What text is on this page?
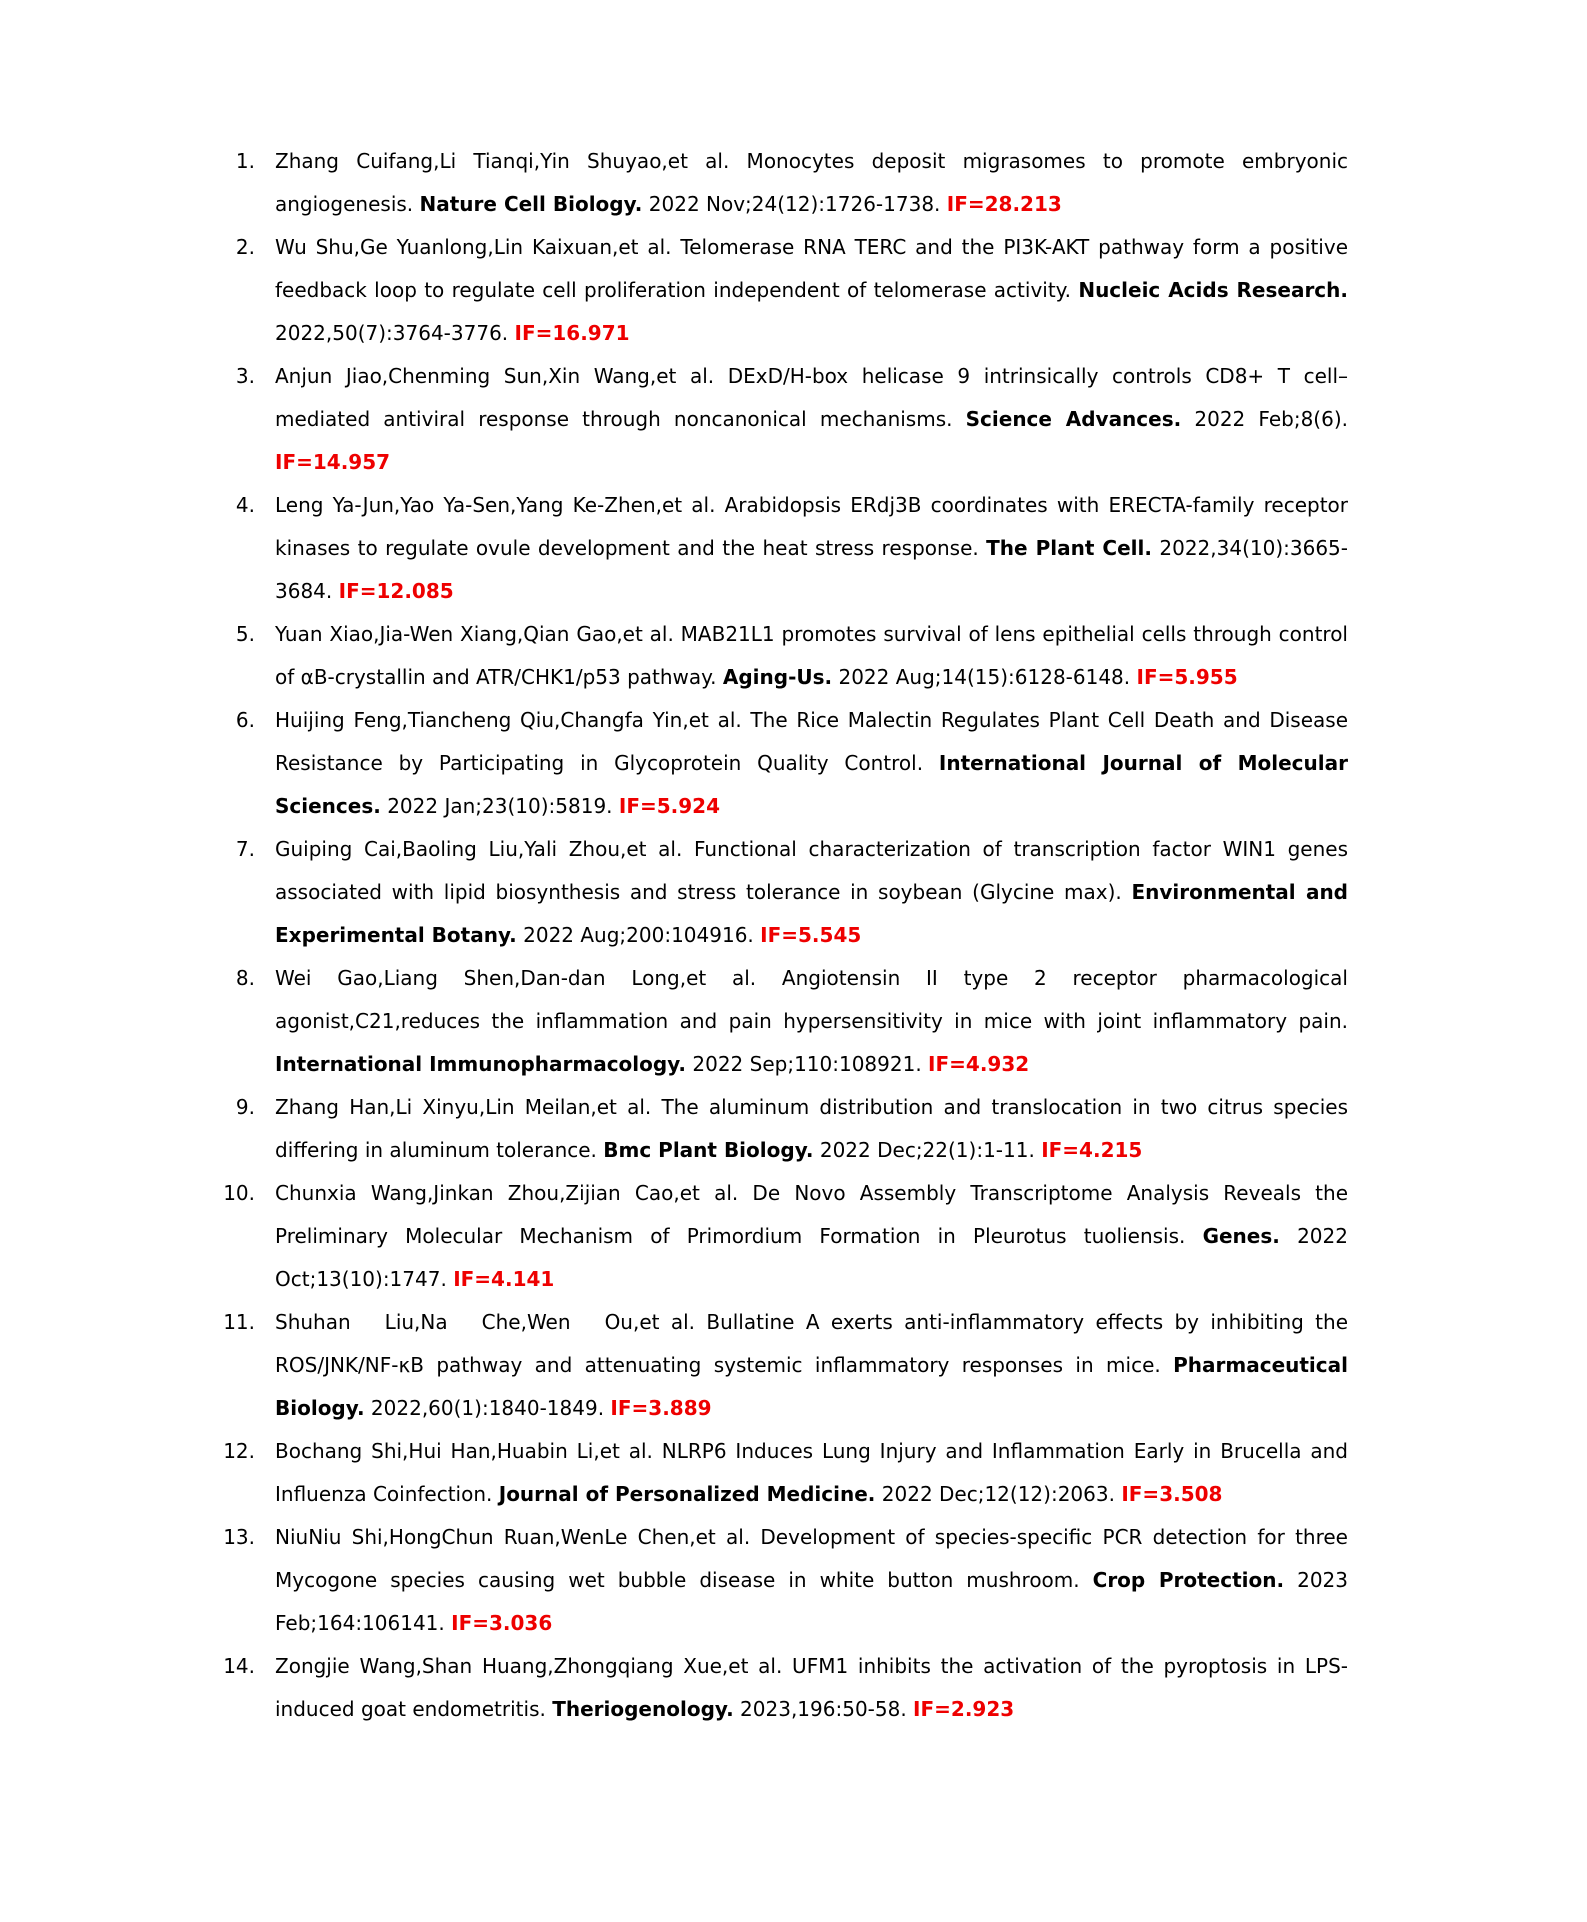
1.	Zhang Cuifang,Li Tianqi,Yin Shuyao,et al. Monocytes deposit migrasomes to promote embryonic angiogenesis. Nature Cell Biology. 2022 Nov;24(12):1726-1738. IF=28.213
2.	Wu Shu,Ge Yuanlong,Lin Kaixuan,et al. Telomerase RNA TERC and the PI3K-AKT pathway form a positive feedback loop to regulate cell proliferation independent of telomerase activity. Nucleic Acids Research. 2022,50(7):3764-3776. IF=16.971
3.	Anjun Jiao,Chenming Sun,Xin Wang,et al. DExD/H-box helicase 9 intrinsically controls CD8+ T cell–mediated antiviral response through noncanonical mechanisms. Science Advances. 2022 Feb;8(6). IF=14.957
4.	Leng Ya-Jun,Yao Ya-Sen,Yang Ke-Zhen,et al. Arabidopsis ERdj3B coordinates with ERECTA-family receptor kinases to regulate ovule development and the heat stress response. The Plant Cell. 2022,34(10):3665-3684. IF=12.085
5.	Yuan Xiao,Jia-Wen Xiang,Qian Gao,et al. MAB21L1 promotes survival of lens epithelial cells through control of αB-crystallin and ATR/CHK1/p53 pathway. Aging-Us. 2022 Aug;14(15):6128-6148. IF=5.955
6.	Huijing Feng,Tiancheng Qiu,Changfa Yin,et al. The Rice Malectin Regulates Plant Cell Death and Disease Resistance by Participating in Glycoprotein Quality Control. International Journal of Molecular Sciences. 2022 Jan;23(10):5819. IF=5.924
7.	Guiping Cai,Baoling Liu,Yali Zhou,et al. Functional characterization of transcription factor WIN1 genes associated with lipid biosynthesis and stress tolerance in soybean (Glycine max). Environmental and Experimental Botany. 2022 Aug;200:104916. IF=5.545
8.	Wei Gao,Liang Shen,Dan-dan Long,et al. Angiotensin II type 2 receptor pharmacological agonist,C21,reduces the inflammation and pain hypersensitivity in mice with joint inflammatory pain. International Immunopharmacology. 2022 Sep;110:108921. IF=4.932
9.	Zhang Han,Li Xinyu,Lin Meilan,et al. The aluminum distribution and translocation in two citrus species differing in aluminum tolerance. Bmc Plant Biology. 2022 Dec;22(1):1-11. IF=4.215
10.	Chunxia Wang,Jinkan Zhou,Zijian Cao,et al. De Novo Assembly Transcriptome Analysis Reveals the Preliminary Molecular Mechanism of Primordium Formation in Pleurotus tuoliensis. Genes. 2022 Oct;13(10):1747. IF=4.141
11.	Shuhan   Liu,Na   Che,Wen   Ou,et al. Bullatine A exerts anti-inflammatory effects by inhibiting the ROS/JNK/NF-κB pathway and attenuating systemic inflammatory responses in mice. Pharmaceutical Biology. 2022,60(1):1840-1849. IF=3.889
12.	Bochang Shi,Hui Han,Huabin Li,et al. NLRP6 Induces Lung Injury and Inflammation Early in Brucella and Influenza Coinfection. Journal of Personalized Medicine. 2022 Dec;12(12):2063. IF=3.508
13.	NiuNiu Shi,HongChun Ruan,WenLe Chen,et al. Development of species-specific PCR detection for three Mycogone species causing wet bubble disease in white button mushroom. Crop Protection. 2023 Feb;164:106141. IF=3.036
14.	Zongjie Wang,Shan Huang,Zhongqiang Xue,et al. UFM1 inhibits the activation of the pyroptosis in LPS-induced goat endometritis. Theriogenology. 2023,196:50-58. IF=2.923
